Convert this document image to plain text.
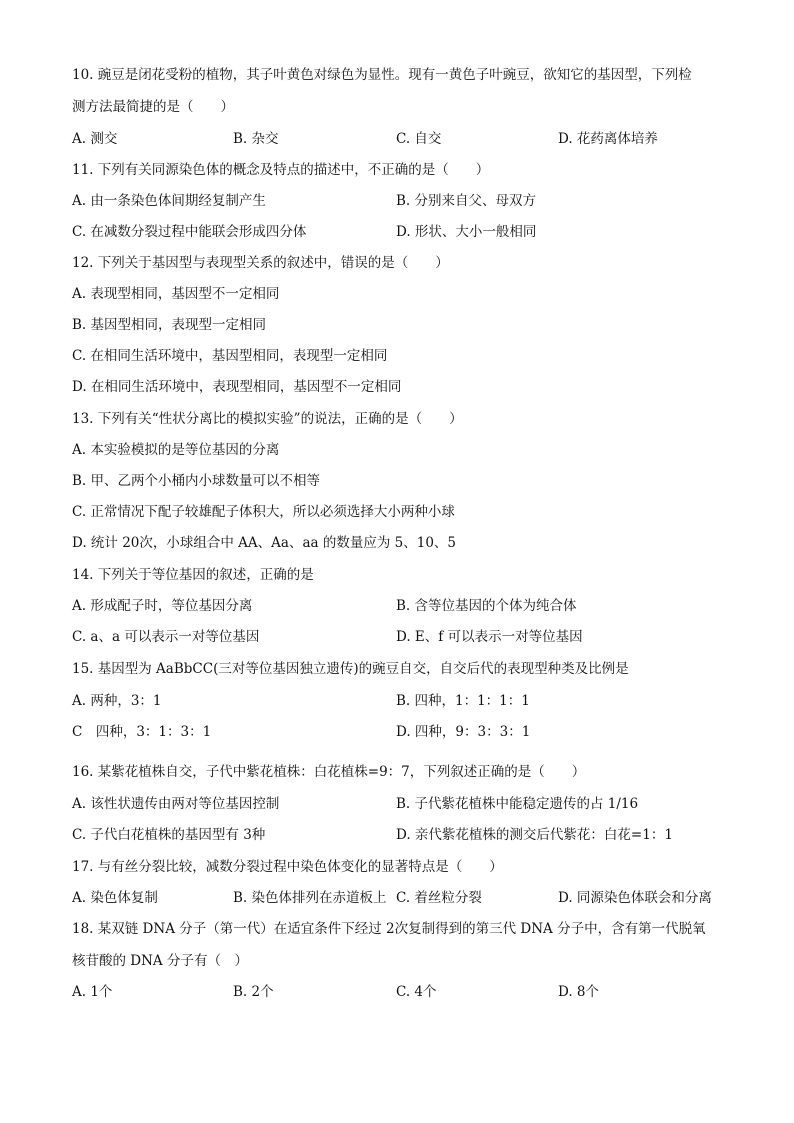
10. 豌豆是闭花受粉的植物，其子叶黄色对绿色为显性。现有一黄色子叶豌豆，欲知它的基因型，下列检
测方法最简捷的是（　　）
A. 测交	B. 杂交	C. 自交	D. 花药离体培养
11. 下列有关同源染色体的概念及特点的描述中，不正确的是（　　）
A. 由一条染色体间期经复制产生	B. 分别来自父、母双方
C. 在减数分裂过程中能联会形成四分体	D. 形状、大小一般相同
12. 下列关于基因型与表现型关系的叙述中，错误的是（　　）
A. 表现型相同，基因型不一定相同
B. 基因型相同，表现型一定相同
C. 在相同生活环境中，基因型相同，表现型一定相同
D. 在相同生活环境中，表现型相同，基因型不一定相同
13. 下列有关“性状分离比的模拟实验”的说法，正确的是（　　）
A. 本实验模拟的是等位基因的分离
B. 甲、乙两个小桶内小球数量可以不相等
C. 正常情况下配子较雄配子体积大，所以必须选择大小两种小球
D. 统计 20次，小球组合中 AA、Aa、aa 的数量应为 5、10、5
14. 下列关于等位基因的叙述，正确的是
A. 形成配子时，等位基因分离	B. 含等位基因的个体为纯合体
C. a、a 可以表示一对等位基因	D. E、f 可以表示一对等位基因
15. 基因型为 AaBbCC(三对等位基因独立遗传)的豌豆自交，自交后代的表现型种类及比例是
A. 两种，3：1	B. 四种，1：1：1：1
C　四种，3：1：3：1	D. 四种，9：3：3：1
16. 某紫花植株自交，子代中紫花植株：白花植株=9：7，下列叙述正确的是（　　）
A. 该性状遗传由两对等位基因控制	B. 子代紫花植株中能稳定遗传的占 1/16
C. 子代白花植株的基因型有 3种	D. 亲代紫花植株的测交后代紫花：白花=1：1
17. 与有丝分裂比较，减数分裂过程中染色体变化的显著特点是（　　）
A. 染色体复制	B. 染色体排列在赤道板上 C. 着丝粒分裂	D. 同源染色体联会和分离
18. 某双链 DNA 分子（第一代）在适宜条件下经过 2次复制得到的第三代 DNA 分子中，含有第一代脱氧
核苷酸的 DNA 分子有（　）
A. 1个	B. 2个	C. 4个	D. 8个
